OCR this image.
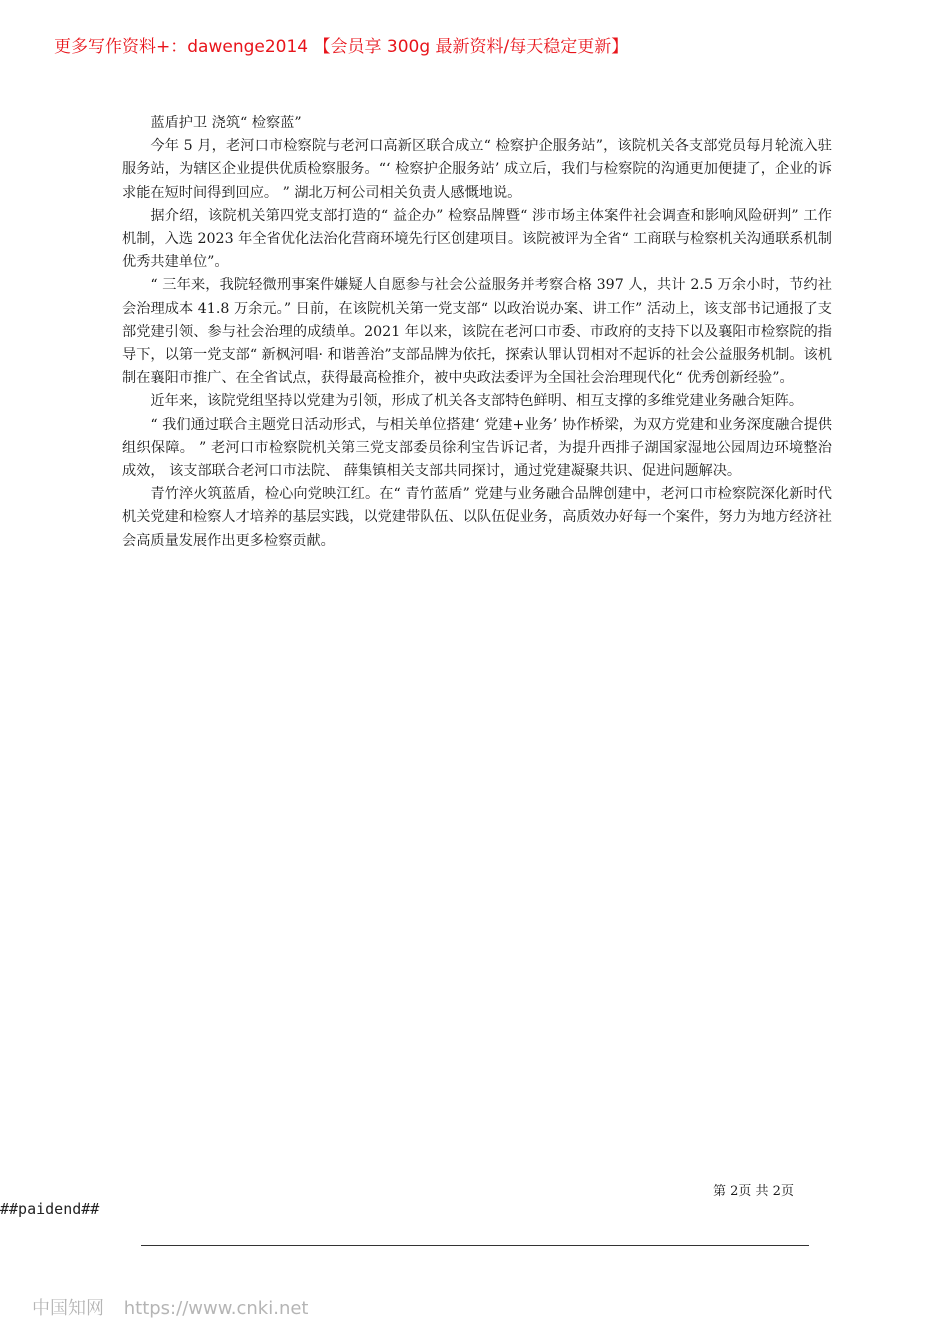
更多写作资料+：dawenge2014 【会员享 300g 最新资料/每天稳定更新】

蓝盾护卫 浇筑“ 检察蓝”

今年 5 月，老河口市检察院与老河口高新区联合成立“ 检察护企服务站”，该院机关各支部党员每月轮流入驻服务站，为辖区企业提供优质检察服务。“‘ 检察护企服务站’ 成立后，我们与检察院的沟通更加便捷了，企业的诉求能在短时间得到回应。 ” 湖北万柯公司相关负责人感慨地说。

据介绍，该院机关第四党支部打造的“ 益企办” 检察品牌暨“ 涉市场主体案件社会调查和影响风险研判” 工作机制，入选 2023 年全省优化法治化营商环境先行区创建项目。该院被评为全省“ 工商联与检察机关沟通联系机制优秀共建单位”。

“ 三年来，我院轻微刑事案件嫌疑人自愿参与社会公益服务并考察合格 397 人，共计 2.5 万余小时，节约社会治理成本 41.8 万余元。” 日前，在该院机关第一党支部“ 以政治说办案、讲工作” 活动上，该支部书记通报了支部党建引领、参与社会治理的成绩单。2021 年以来，该院在老河口市委、市政府的支持下以及襄阳市检察院的指导下，以第一党支部“ 新枫河唱· 和谐善治”支部品牌为依托，探索认罪认罚相对不起诉的社会公益服务机制。该机制在襄阳市推广、在全省试点，获得最高检推介，被中央政法委评为全国社会治理现代化“ 优秀创新经验”。

近年来，该院党组坚持以党建为引领，形成了机关各支部特色鲜明、相互支撑的多维党建业务融合矩阵。

“ 我们通过联合主题党日活动形式，与相关单位搭建‘ 党建+业务’ 协作桥梁，为双方党建和业务深度融合提供组织保障。 ” 老河口市检察院机关第三党支部委员徐利宝告诉记者，为提升西排子湖国家湿地公园周边环境整治成效， 该支部联合老河口市法院、 薛集镇相关支部共同探讨，通过党建凝聚共识、促进问题解决。

青竹淬火筑蓝盾，检心向党映江红。在“ 青竹蓝盾” 党建与业务融合品牌创建中，老河口市检察院深化新时代机关党建和检察人才培养的基层实践，以党建带队伍、以队伍促业务，高质效办好每一个案件，努力为地方经济社会高质量发展作出更多检察贡献。

第 2页 共 2页
##paidend##
中国知网 https://www.cnki.net
